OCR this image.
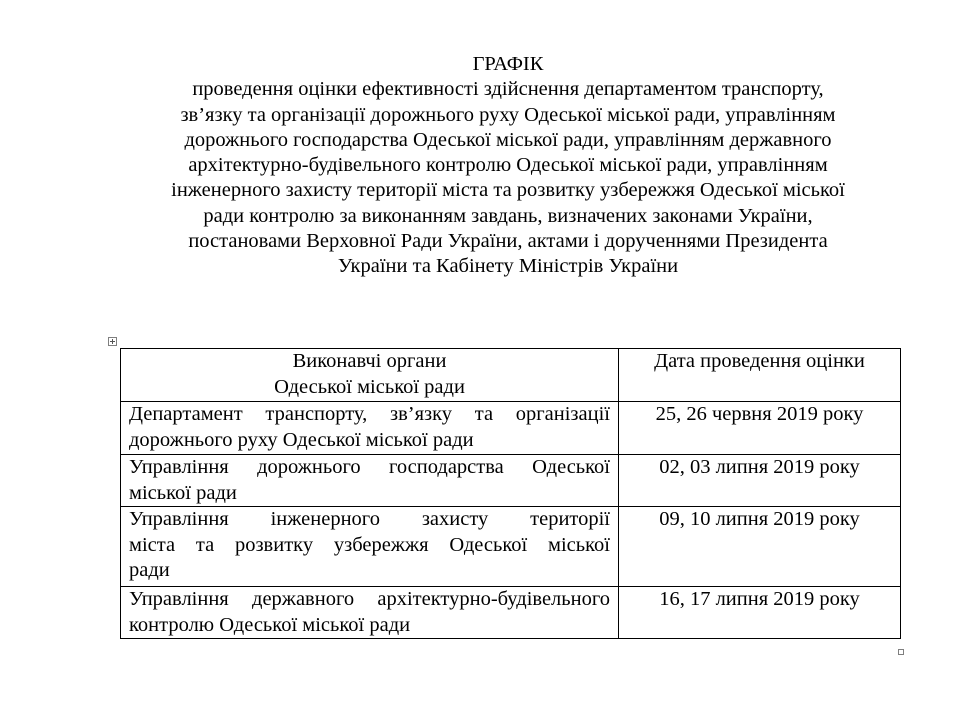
ГРАФІК
проведення оцінки ефективності здійснення департаментом транспорту,
зв’язку та організації дорожнього руху Одеської міської ради, управлінням
дорожнього господарства Одеської міської ради, управлінням державного
архітектурно-будівельного контролю Одеської міської ради, управлінням
інженерного захисту території міста та розвитку узбережжя Одеської міської
ради контролю за виконанням завдань, визначених законами України,
постановами Верховної Ради України, актами і дорученнями Президента
України та Кабінету Міністрів України
Виконавчі органи
Одеської міської ради	Дата проведення оцінки

Департамент транспорту, зв’язку та організації
дорожнього руху Одеської міської ради	25, 26 червня 2019 року

Управління дорожнього господарства Одеської
міської ради	02, 03 липня 2019 року

Управління інженерного захисту території
міста та розвитку узбережжя Одеської міської
ради	09, 10 липня 2019 року

Управління державного архітектурно-будівельного
контролю Одеської міської ради	16, 17 липня 2019 року
